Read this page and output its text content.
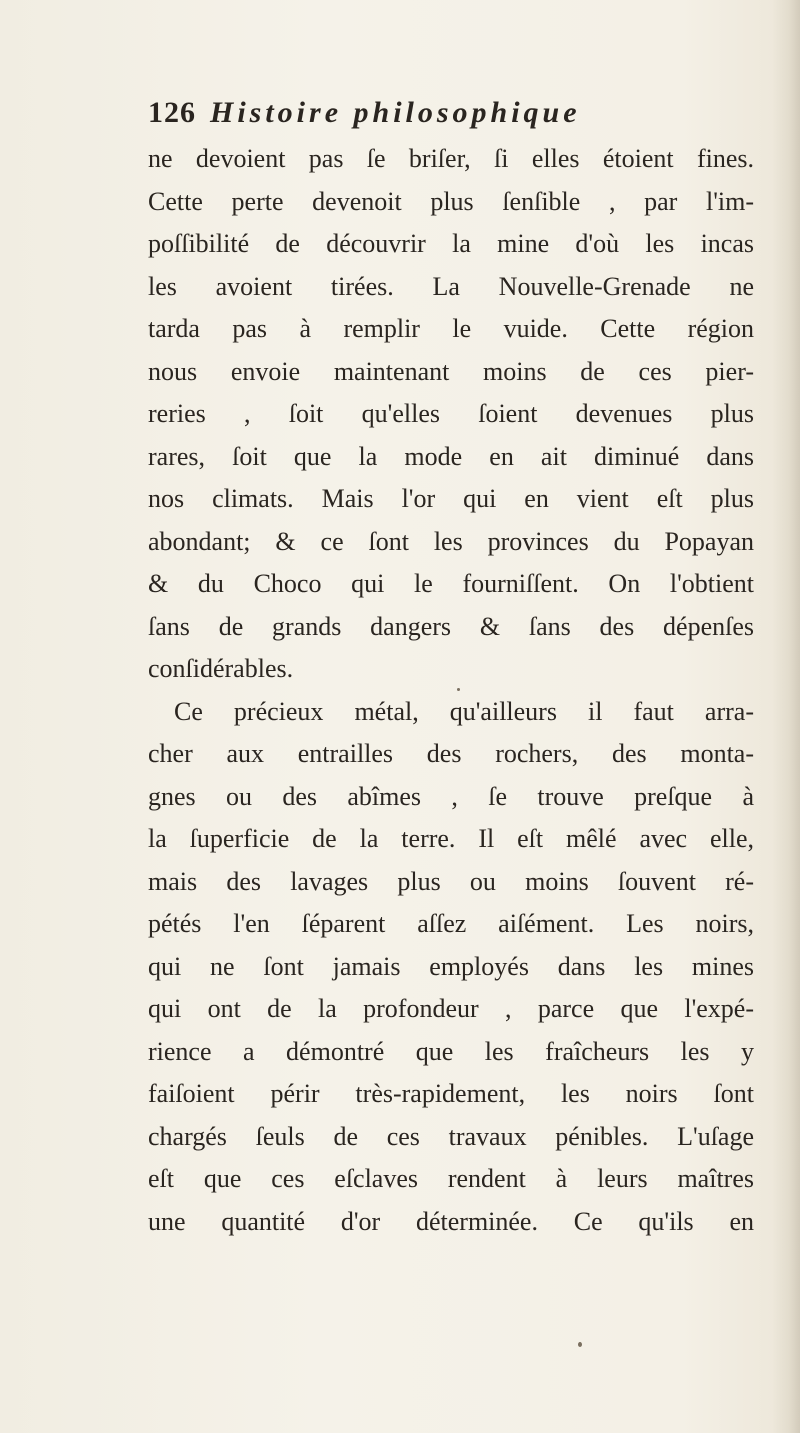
126 Histoire philosophique
ne devoient pas ſe briſer, ſi elles étoient fines.
Cette perte devenoit plus ſenſible , par l'im-
poſſibilité de découvrir la mine d'où les incas
les avoient tirées. La Nouvelle-Grenade ne
tarda pas à remplir le vuide. Cette région
nous envoie maintenant moins de ces pier-
reries , ſoit qu'elles ſoient devenues plus
rares, ſoit que la mode en ait diminué dans
nos climats. Mais l'or qui en vient eſt plus
abondant; & ce ſont les provinces du Popayan
& du Choco qui le fourniſſent. On l'obtient
ſans de grands dangers & ſans des dépenſes
conſidérables.
Ce précieux métal, qu'ailleurs il faut arra-
cher aux entrailles des rochers, des monta-
gnes ou des abîmes , ſe trouve preſque à
la ſuperficie de la terre. Il eſt mêlé avec elle,
mais des lavages plus ou moins ſouvent ré-
pétés l'en ſéparent aſſez aiſément. Les noirs,
qui ne ſont jamais employés dans les mines
qui ont de la profondeur , parce que l'expé-
rience a démontré que les fraîcheurs les y
faiſoient périr très-rapidement, les noirs ſont
chargés ſeuls de ces travaux pénibles. L'uſage
eſt que ces eſclaves rendent à leurs maîtres
une quantité d'or déterminée. Ce qu'ils en
